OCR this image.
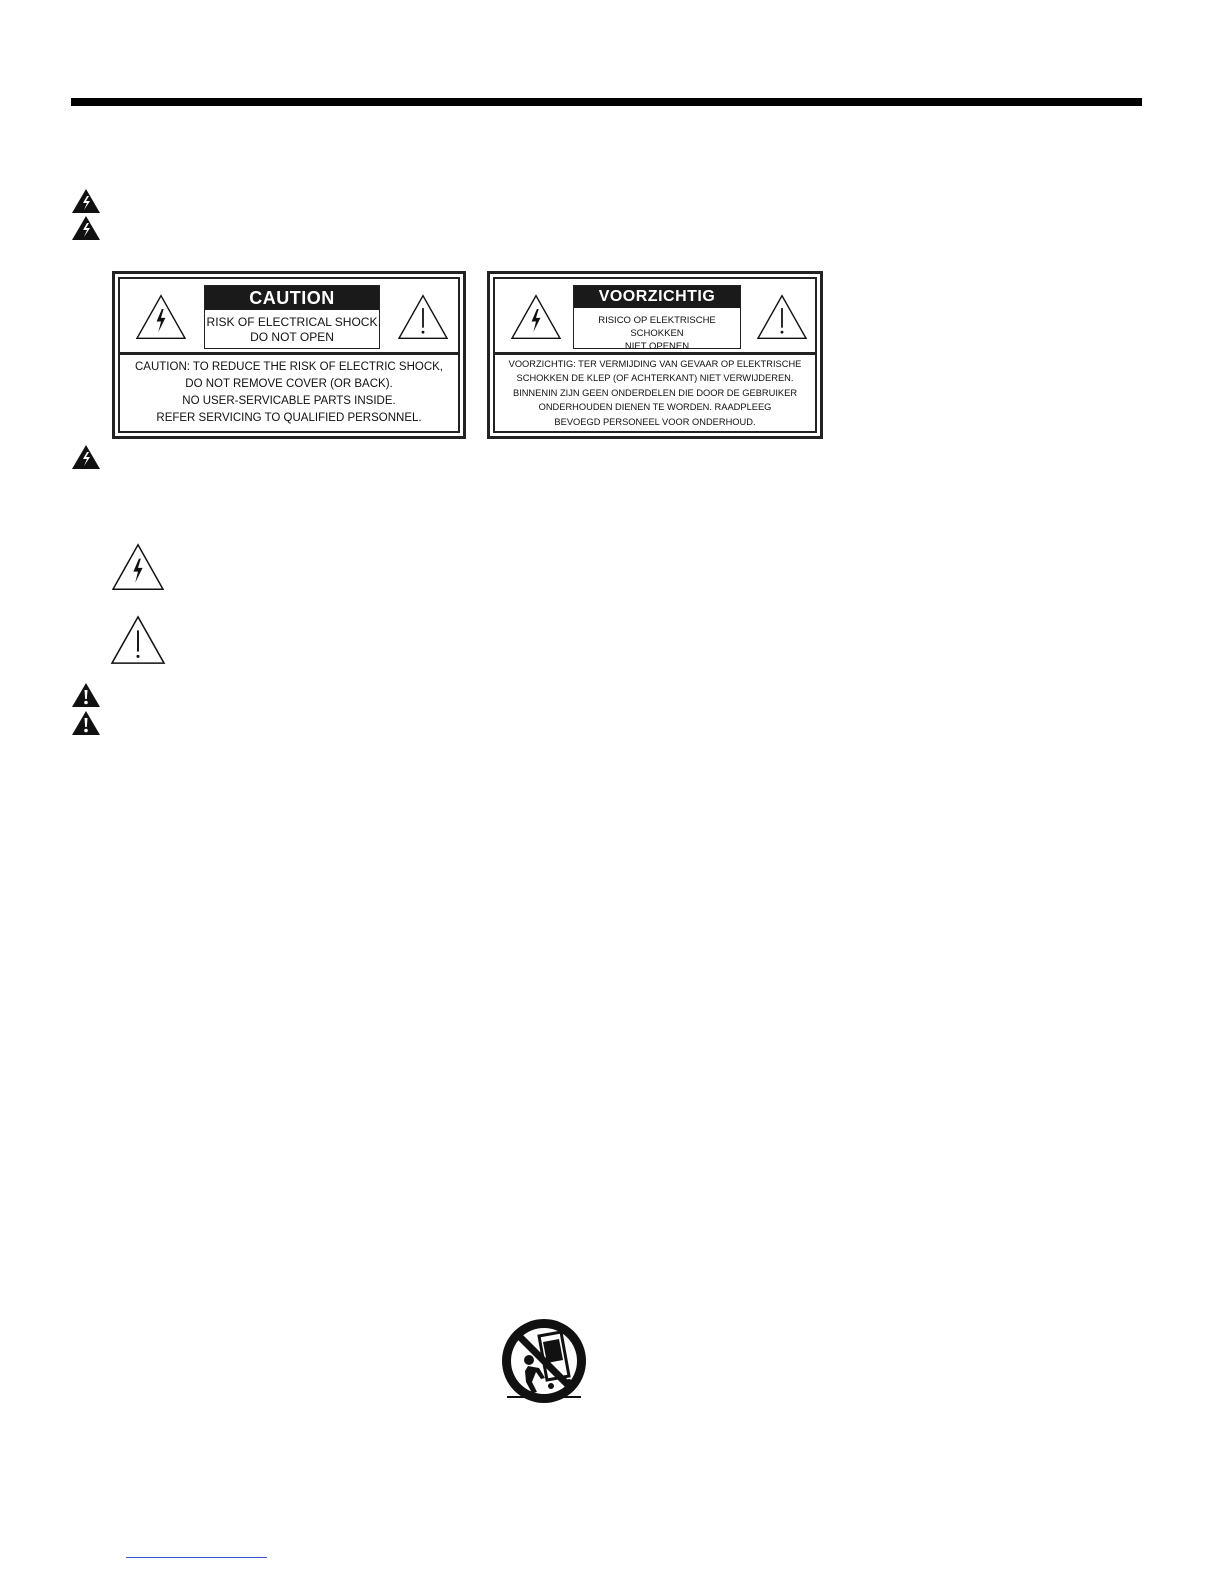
CAUTION
RISK OF ELECTRICAL SHOCK
DO NOT OPEN
CAUTION: TO REDUCE THE RISK OF ELECTRIC SHOCK,
DO NOT REMOVE COVER (OR BACK).
NO USER-SERVICABLE PARTS INSIDE.
REFER SERVICING TO QUALIFIED PERSONNEL.
VOORZICHTIG
RISICO OP ELEKTRISCHE SCHOKKEN
NIET OPENEN
VOORZICHTIG: TER VERMIJDING VAN GEVAAR OP ELEKTRISCHE
SCHOKKEN DE KLEP (OF ACHTERKANT) NIET VERWIJDEREN.
BINNENIN ZIJN GEEN ONDERDELEN DIE DOOR DE GEBRUIKER
ONDERHOUDEN DIENEN TE WORDEN. RAADPLEEG
BEVOEGD PERSONEEL VOOR ONDERHOUD.
